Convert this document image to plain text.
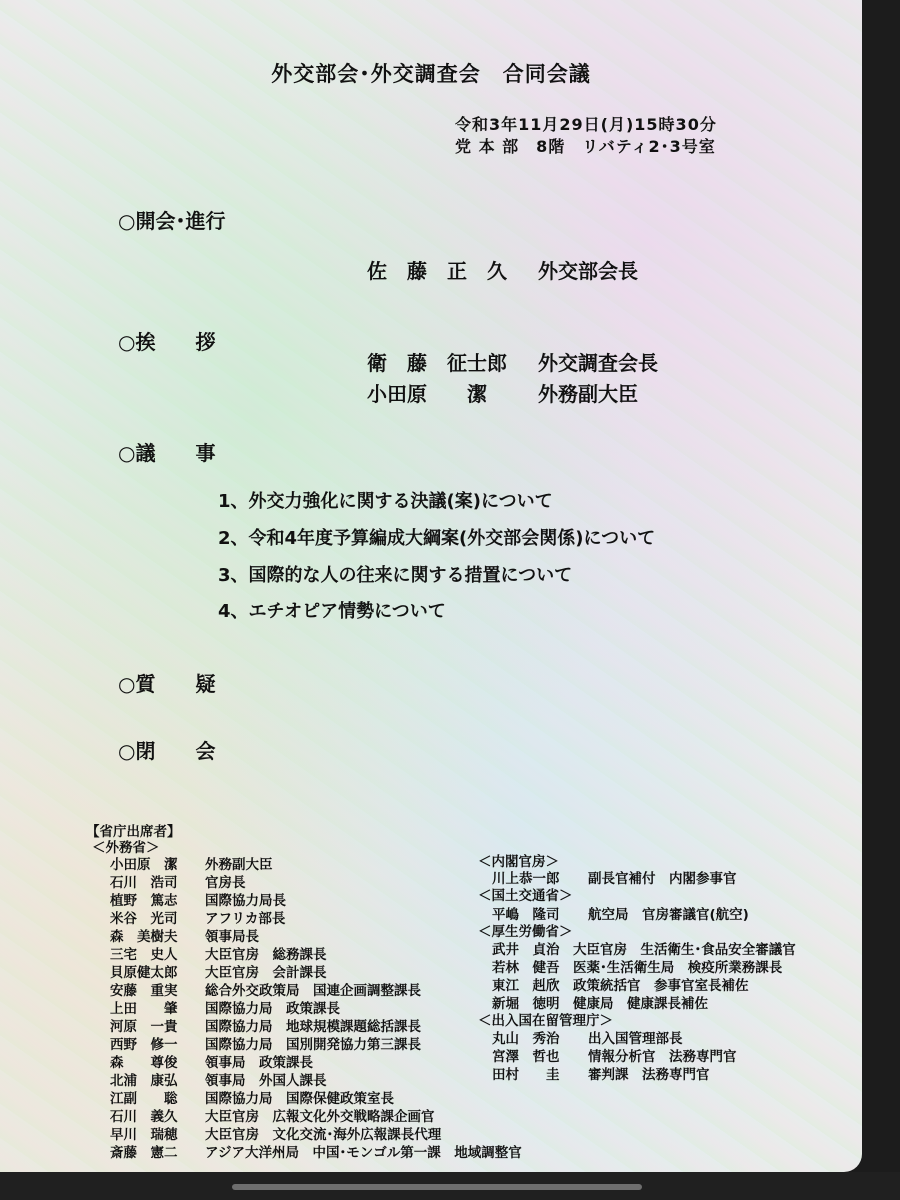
外交部会･外交調査会　合同会議
令和3年11月29日(月)15時30分
党 本 部　8階　リバティ2･3号室
○開会･進行
佐　藤　正　久 外交部会長
○挨　　拶
衛　藤　征士郎 外交調査会長
小田原　　潔	外務副大臣
○議　　事
1、外交力強化に関する決議(案)について
2、令和4年度予算編成大綱案(外交部会関係)について
3、国際的な人の往来に関する措置について
4、エチオピア情勢について
○質　　疑
○閉　　会
【省庁出席者】
＜外務省＞
小田原　潔 外務副大臣
石川　浩司 官房長
植野　篤志 国際協力局長
米谷　光司 アフリカ部長
森　美樹夫 領事局長
三宅　史人 大臣官房　総務課長
貝原健太郎 大臣官房　会計課長
安藤　重実 総合外交政策局　国連企画調整課長
上田　　肇 国際協力局　政策課長
河原　一貴 国際協力局　地球規模課題総括課長
西野　修一 国際協力局　国別開発協力第三課長
森　　尊俊 領事局　政策課長
北浦　康弘 領事局　外国人課長
江副　　聡 国際協力局　国際保健政策室長
石川　義久 大臣官房　広報文化外交戦略課企画官
早川　瑞穂 大臣官房　文化交流･海外広報課長代理
斎藤　憲二 アジア大洋州局　中国･モンゴル第一課　地域調整官
＜内閣官房＞
川上恭一郎 副長官補付　内閣参事官
＜国土交通省＞
平嶋　隆司 航空局　官房審議官(航空)
＜厚生労働省＞
武井　貞治 大臣官房　生活衛生･食品安全審議官
若林　健吾 医薬･生活衛生局　検疫所業務課長
東江　赳欣 政策統括官　参事官室長補佐
新堀　徳明 健康局　健康課長補佐
＜出入国在留管理庁＞
丸山　秀治 出入国管理部長
宮澤　哲也 情報分析官　法務専門官
田村　　圭 審判課　法務専門官
